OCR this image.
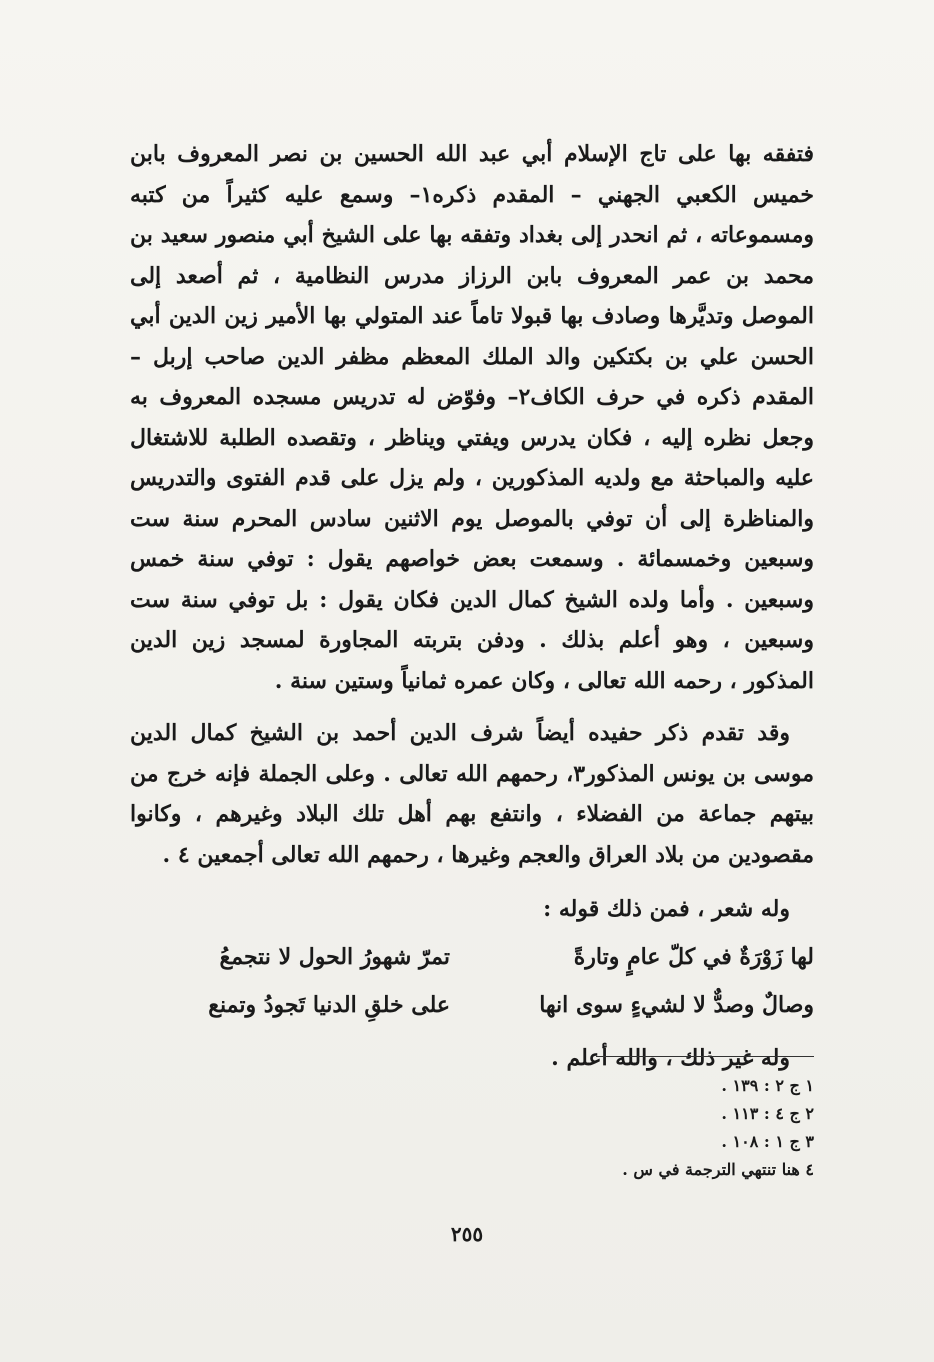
فتفقه بها على تاج الإسلام أبي عبد الله الحسين بن نصر المعروف بابن خميس الكعبي الجهني – المقدم ذكره١– وسمع عليه كثيراً من كتبه ومسموعاته ، ثم انحدر إلى بغداد وتفقه بها على الشيخ أبي منصور سعيد بن محمد بن عمر المعروف بابن الرزاز مدرس النظامية ، ثم أصعد إلى الموصل وتديَّرها وصادف بها قبولا تاماً عند المتولي بها الأمير زين الدين أبي الحسن علي بن بكتكين والد الملك المعظم مظفر الدين صاحب إربل – المقدم ذكره في حرف الكاف٢– وفوّض له تدريس مسجده المعروف به وجعل نظره إليه ، فكان يدرس ويفتي ويناظر ، وتقصده الطلبة للاشتغال عليه والمباحثة مع ولديه المذكورين ، ولم يزل على قدم الفتوى والتدريس والمناظرة إلى أن توفي بالموصل يوم الاثنين سادس المحرم سنة ست وسبعين وخمسمائة . وسمعت بعض خواصهم يقول : توفي سنة خمس وسبعين . وأما ولده الشيخ كمال الدين فكان يقول : بل توفي سنة ست وسبعين ، وهو أعلم بذلك . ودفن بتربته المجاورة لمسجد زين الدين المذكور ، رحمه الله تعالى ، وكان عمره ثمانياً وستين سنة .

وقد تقدم ذكر حفيده أيضاً شرف الدين أحمد بن الشيخ كمال الدين موسى بن يونس المذكور٣، رحمهم الله تعالى . وعلى الجملة فإنه خرج من بيتهم جماعة من الفضلاء ، وانتفع بهم أهل تلك البلاد وغيرهم ، وكانوا مقصودين من بلاد العراق والعجم وغيرها ، رحمهم الله تعالى أجمعين ٤ .

وله شعر ، فمن ذلك قوله :

لها زَوْرَةٌ في كلّ عامٍ وتارةً
تمرّ شهورُ الحول لا نتجمعُ
وصالٌ وصدٌّ لا لشيءٍ سوى انها
على خلقِ الدنيا تَجودُ وتمنع

وله غير ذلك ، والله أعلم .

١ ج ٢ : ١٣٩ .
٢ ج ٤ : ١١٣ .
٣ ج ١ : ١٠٨ .
٤ هنا تنتهي الترجمة في س .
٢٥٥
